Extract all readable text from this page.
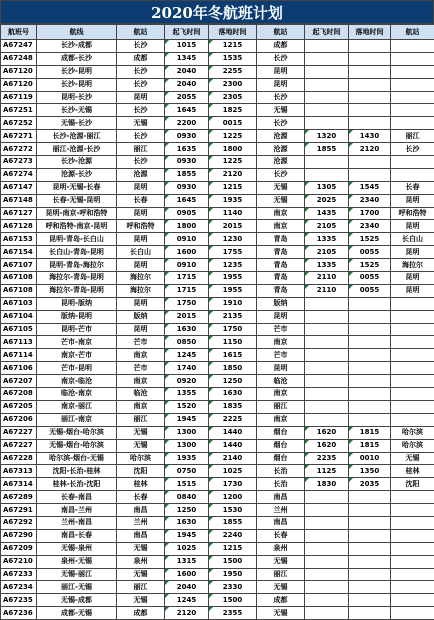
2020年冬航班计划
航班号	航线	航站	起飞时间	落地时间	航站	起飞时间	落地时间	航站
A67247	长沙-成都	长沙	1015	1215	成都			
A67248	成都-长沙	成都	1345	1535	长沙			
A67120	长沙-昆明	长沙	2040	2255	昆明			
A67120	长沙-昆明	长沙	2040	2300	昆明			
A67119	昆明-长沙	昆明	2055	2305	长沙			
A67251	长沙-无锡	长沙	1645	1825	无锡			
A67252	无锡-长沙	无锡	2200	0015	长沙			
A67271	长沙-沧源-丽江	长沙	0930	1225	沧源	1320	1430	丽江
A67272	丽江-沧源-长沙	丽江	1635	1800	沧源	1855	2120	长沙
A67273	长沙-沧源	长沙	0930	1225	沧源			
A67274	沧源-长沙	沧源	1855	2120	长沙			
A67147	昆明-无锡-长春	昆明	0930	1215	无锡	1305	1545	长春
A67148	长春-无锡-昆明	长春	1645	1935	无锡	2025	2340	昆明
A67127	昆明-南京-呼和浩特	昆明	0905	1140	南京	1435	1700	呼和浩特
A67128	呼和浩特-南京-昆明	呼和浩特	1800	2015	南京	2105	2340	昆明
A67153	昆明-青岛-长白山	昆明	0910	1230	青岛	1335	1525	长白山
A67154	长白山-青岛-昆明	长白山	1600	1755	青岛	2105	0055	昆明
A67107	昆明-青岛-海拉尔	昆明	0910	1235	青岛	1335	1525	海拉尔
A67108	海拉尔-青岛-昆明	海拉尔	1715	1955	青岛	2110	0055	昆明
A67108	海拉尔-青岛-昆明	海拉尔	1715	1955	青岛	2110	0055	昆明
A67103	昆明-版纳	昆明	1750	1910	版纳			
A67104	版纳-昆明	版纳	2015	2135	昆明			
A67105	昆明-芒市	昆明	1630	1750	芒市			
A67113	芒市-南京	芒市	0850	1150	南京			
A67114	南京-芒市	南京	1245	1615	芒市			
A67106	芒市-昆明	芒市	1740	1850	昆明			
A67207	南京-临沧	南京	0920	1250	临沧			
A67208	临沧-南京	临沧	1355	1630	南京			
A67205	南京-丽江	南京	1520	1835	丽江			
A67206	丽江-南京	丽江	1945	2225	南京			
A67227	无锡-烟台-哈尔滨	无锡	1300	1440	烟台	1620	1815	哈尔滨
A67227	无锡-烟台-哈尔滨	无锡	1300	1440	烟台	1620	1815	哈尔滨
A67228	哈尔滨-烟台-无锡	哈尔滨	1935	2140	烟台	2235	0010	无锡
A67313	沈阳-长治-桂林	沈阳	0750	1025	长治	1125	1350	桂林
A67314	桂林-长治-沈阳	桂林	1515	1730	长治	1830	2035	沈阳
A67289	长春-南昌	长春	0840	1200	南昌			
A67291	南昌-兰州	南昌	1250	1530	兰州			
A67292	兰州-南昌	兰州	1630	1855	南昌			
A67290	南昌-长春	南昌	1945	2240	长春			
A67209	无锡-泉州	无锡	1025	1215	泉州			
A67210	泉州-无锡	泉州	1315	1500	无锡			
A67233	无锡-丽江	无锡	1600	1950	丽江			
A67234	丽江-无锡	丽江	2040	2330	无锡			
A67235	无锡-成都	无锡	1245	1500	成都			
A67236	成都-无锡	成都	2120	2355	无锡			
